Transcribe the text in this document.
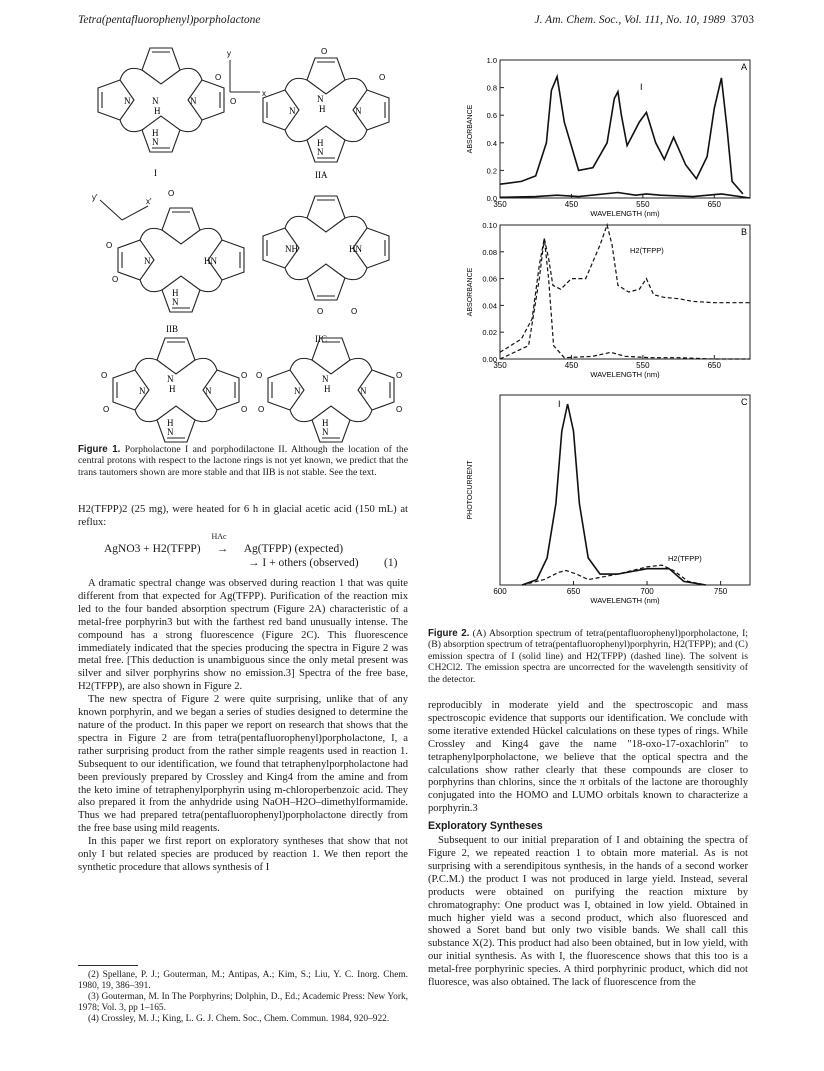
Tetra(pentafluorophenyl)porpholactone	J. Am. Chem. Soc., Vol. 111, No. 10, 1989 3703
N
H
N	N
H
N
O
O
I
y
x
O
O
N
H
N	N
H
N
IIA
y'	x'
O
O
O
N	HN
H
N
IIB
NH	HN
O	O
IIC
O
O
O
O
N
H
N	N
H
N
O
O
O
O
N
H
N	N
H
N
Figure 1. Porpholactone I and porphodilactone II. Although the location of the central protons with respect to the lactone rings is not yet known, we predict that the trans tautomers shown are more stable and that IIB is not stable. See the text.

H2(TFPP)2 (25 mg), were heated for 6 h in glacial acetic acid (150 mL) at reflux:

AgNO3 + H2(TFPP)
HAc
→ Ag(TFPP) (expected)
→ I + others (observed) (1)

A dramatic spectral change was observed during reaction 1 that was quite different from that expected for Ag(TFPP). Purification of the reaction mix led to the four banded absorption spectrum (Figure 2A) characteristic of a metal-free porphyrin3 but with the farthest red band unusually intense. The compound has a strong fluorescence (Figure 2C). This fluorescence immediately indicated that the species producing the spectra in Figure 2 was metal free. [This deduction is unambiguous since the only metal present was silver and silver porphyrins show no emission.3] Spectra of the free base, H2(TFPP), are also shown in Figure 2.

The new spectra of Figure 2 were quite surprising, unlike that of any known porphyrin, and we began a series of studies designed to determine the nature of the product. In this paper we report on research that shows that the spectra in Figure 2 are from tetra(pentafluorophenyl)porpholactone, I, a rather surprising product from the rather simple reagents used in reaction 1. Subsequent to our identification, we found that tetraphenylporpholactone had been previously prepared by Crossley and King4 from the amine and from the keto imine of tetraphenylporphyrin using m-chloroperbenzoic acid. They also prepared it from the anhydride using NaOH–H2O–dimethylformamide. Thus we had prepared tetra(pentafluorophenyl)porpholactone directly from the free base using mild reagents.

In this paper we first report on exploratory syntheses that show that not only I but related species are produced by reaction 1. We then report the synthetic procedure that allows synthesis of I

(2) Spellane, P. J.; Gouterman, M.; Antipas, A.; Kim, S.; Liu, Y. C. Inorg. Chem. 1980, 19, 386–391.

(3) Gouterman, M. In The Porphyrins; Dolphin, D., Ed.; Academic Press: New York, 1978; Vol. 3, pp 1–165.

(4) Crossley, M. J.; King, L. G. J. Chem. Soc., Chem. Commun. 1984, 920–922.

350	450	550	650
WAVELENGTH (nm)
0.0
0.2
0.4
0.6
0.8
1.0
ABSORBANCE
350	450	550	650
WAVELENGTH (nm)
0.00
0.02
0.04
0.06
0.08
0.10
ABSORBANCE
600	650	700	750
WAVELENGTH (nm)
PHOTOCURRENT
A
I
B
H2(TFPP)
C
I
H2(TFPP)
Figure 2. (A) Absorption spectrum of tetra(pentafluorophenyl)porpholactone, I; (B) absorption spectrum of tetra(pentafluorophenyl)porphyrin, H2(TFPP); and (C) emission spectra of I (solid line) and H2(TFPP) (dashed line). The solvent is CH2Cl2. The emission spectra are uncorrected for the wavelength sensitivity of the detector.

reproducibly in moderate yield and the spectroscopic and mass spectroscopic evidence that supports our identification. We conclude with some iterative extended Hückel calculations on these types of rings. While Crossley and King4 gave the name "18-oxo-17-oxachlorin" to tetraphenylporpholactone, we believe that the optical spectra and the calculations show rather clearly that these compounds are closer to porphyrins than chlorins, since the π orbitals of the lactone are thoroughly conjugated into the HOMO and LUMO orbitals known to characterize a porphyrin.3

Exploratory Syntheses

Subsequent to our initial preparation of I and obtaining the spectra of Figure 2, we repeated reaction 1 to obtain more material. As is not surprising with a serendipitous synthesis, in the hands of a second worker (P.C.M.) the product I was not produced in large yield. Instead, several products were obtained on purifying the reaction mixture by chromatography: One product was I, obtained in low yield. Obtained in much higher yield was a second product, which also fluoresced and showed a Soret band but only two visible bands. We shall call this substance X(2). This product had also been obtained, but in low yield, with our initial synthesis. As with I, the fluorescence shows that this too is a metal-free porphyrinic species. A third porphyrinic product, which did not fluoresce, was also obtained. The lack of fluorescence from the
